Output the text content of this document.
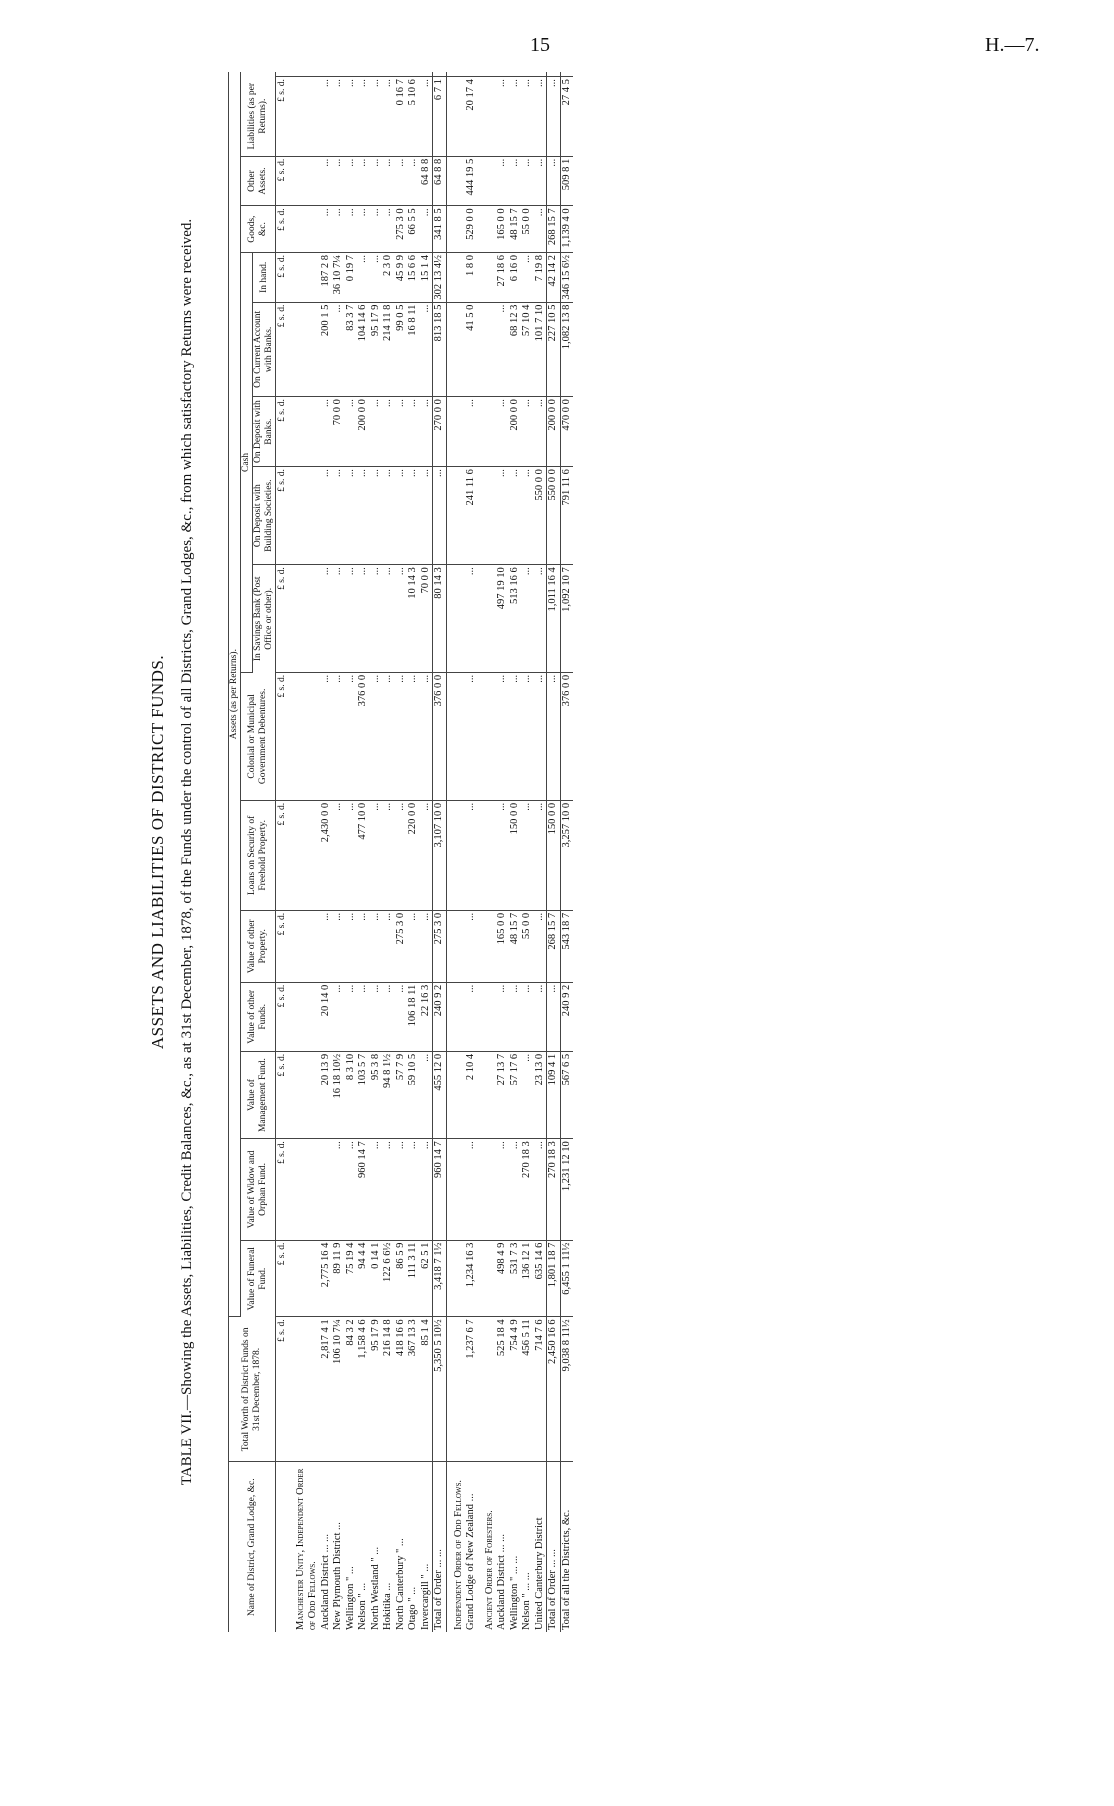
15	H.—7.
ASSETS AND LIABILITIES OF DISTRICT FUNDS. TABLE VII.—Showing the Assets, Liabilities, Credit Balances, &c., as at 31st December, 1878, of the Funds under the control of all Districts, Grand Lodges, &c., from which satisfactory Returns were received.
Name of District, Grand Lodge, &c.	Total Worth of District Funds on 31st December, 1878.	Assets (as per Returns).															
		Value of Funeral Fund.	Value of Widow and Orphan Fund.	Value of Management Fund.	Value of other Funds.	Value of other Property.	Loans on Security of Freehold Property.	Colonial or Municipal Government Debentures.	Cash					Goods, &c.	Other Assets.	Liabilities (as per Returns).	
									In Savings Bank (Post Office or other).	On Deposit with Building Societies.	On Deposit with Banks.	On Current Account with Banks.	In hand.				
	£ s. d.	£ s. d.	£ s. d.	£ s. d.	£ s. d.	£ s. d.	£ s. d.	£ s. d.	£ s. d.	£ s. d.	£ s. d.	£ s. d.	£ s. d.	£ s. d.	£ s. d.	£ s. d.	
Manchester Unity, Independent Order of Odd Fellows.																	
Auckland District ... ...	2,817 4 1	2,775 16 4		20 13 9	20 14 0	...	2,430 0 0	...	...	...	...	200 1 5	187 2 8	...	...	...	
New Plymouth District ...	106 10 7¼	89 11 9	...	16 18 10½	...	...	...	...	...	...	70 0 0	...	36 10 7¼	...	...	...	
Wellington " ...	84 3 2	75 19 4	...	8 3 10	...	...	...	...	...	...	...	83 3 7	0 19 7	...	...	...	
Nelson " ...	1,158 4 6	94 4 4	960 14 7	103 5 7	...	...	477 10 0	376 0 0	...	...	200 0 0	104 14 6	...	...	...	...	
North Westland " ...	95 17 9	0 14 1	...	95 3 8	...	...	...	...	...	...	...	95 17 9	...	...	...	...	
Hokitika ...	216 14 8	122 6 6½	...	94 8 1½	...	...	...	...	...	...	...	214 11 8	2 3 0	...	...	...	
North Canterbury " ...	418 16 6	86 5 9	...	57 7 9	...	275 3 0	...	...	...	...	...	99 0 5	45 9 9	275 3 0	...	0 16 7	
Otago " ...	367 13 3	111 3 11	...	59 10 5	106 18 11	...	220 0 0	...	10 14 3	...	...	16 8 11	15 6 6	66 5 5	...	5 10 6	
Invercargill " ...	85 1 4	62 5 1	...	...	22 16 3	...	...	...	70 0 0	...	...	...	15 1 4	...	64 8 8	...	
Total of Order ... ...	5,350 5 10½	3,418 7 1½	960 14 7	455 12 0	240 9 2	275 3 0	3,107 10 0	376 0 0	80 14 3	...	270 0 0	813 18 5	302 13 4½	341 8 5	64 8 8	6 7 1	
Independent Order of Odd Fellows.																	
Grand Lodge of New Zealand ...	1,237 6 7	1,234 16 3	...	2 10 4	...	...	...	...	...	241 11 6	...	41 5 0	1 8 0	529 0 0	444 19 5	20 17 4	
Ancient Order of Foresters.																	
Auckland District ... ...	525 18 4	498 4 9	...	27 13 7	...	165 0 0	...	...	497 19 10	...	...	...	27 18 6	165 0 0	...	...	
Wellington " ... ...	754 4 9	531 7 3	...	57 17 6	...	48 15 7	150 0 0	...	513 16 6	...	200 0 0	68 12 3	6 16 0	48 15 7	...	...	
Nelson " ... ...	456 5 11	136 12 1	270 18 3	...	...	55 0 0	...	...	...	...	...	57 10 4	...	55 0 0	...	...	
United Canterbury District	714 7 6	635 14 6	...	23 13 0	...	...	...	...	...	550 0 0	...	101 7 10	7 19 8	...	...	...	
Total of Order ... ...	2,450 16 6	1,801 18 7	270 18 3	109 4 1	...	268 15 7	150 0 0	...	1,011 16 4	550 0 0	200 0 0	227 10 5	42 14 2	268 15 7	...	...	
Total of all the Districts, &c.	9,038 8 11½	6,455 1 11½	1,231 12 10	567 6 5	240 9 2	543 18 7	3,257 10 0	376 0 0	1,092 10 7	791 11 6	470 0 0	1,082 13 8	346 15 6½	1,139 4 0	509 8 1	27 4 5	
